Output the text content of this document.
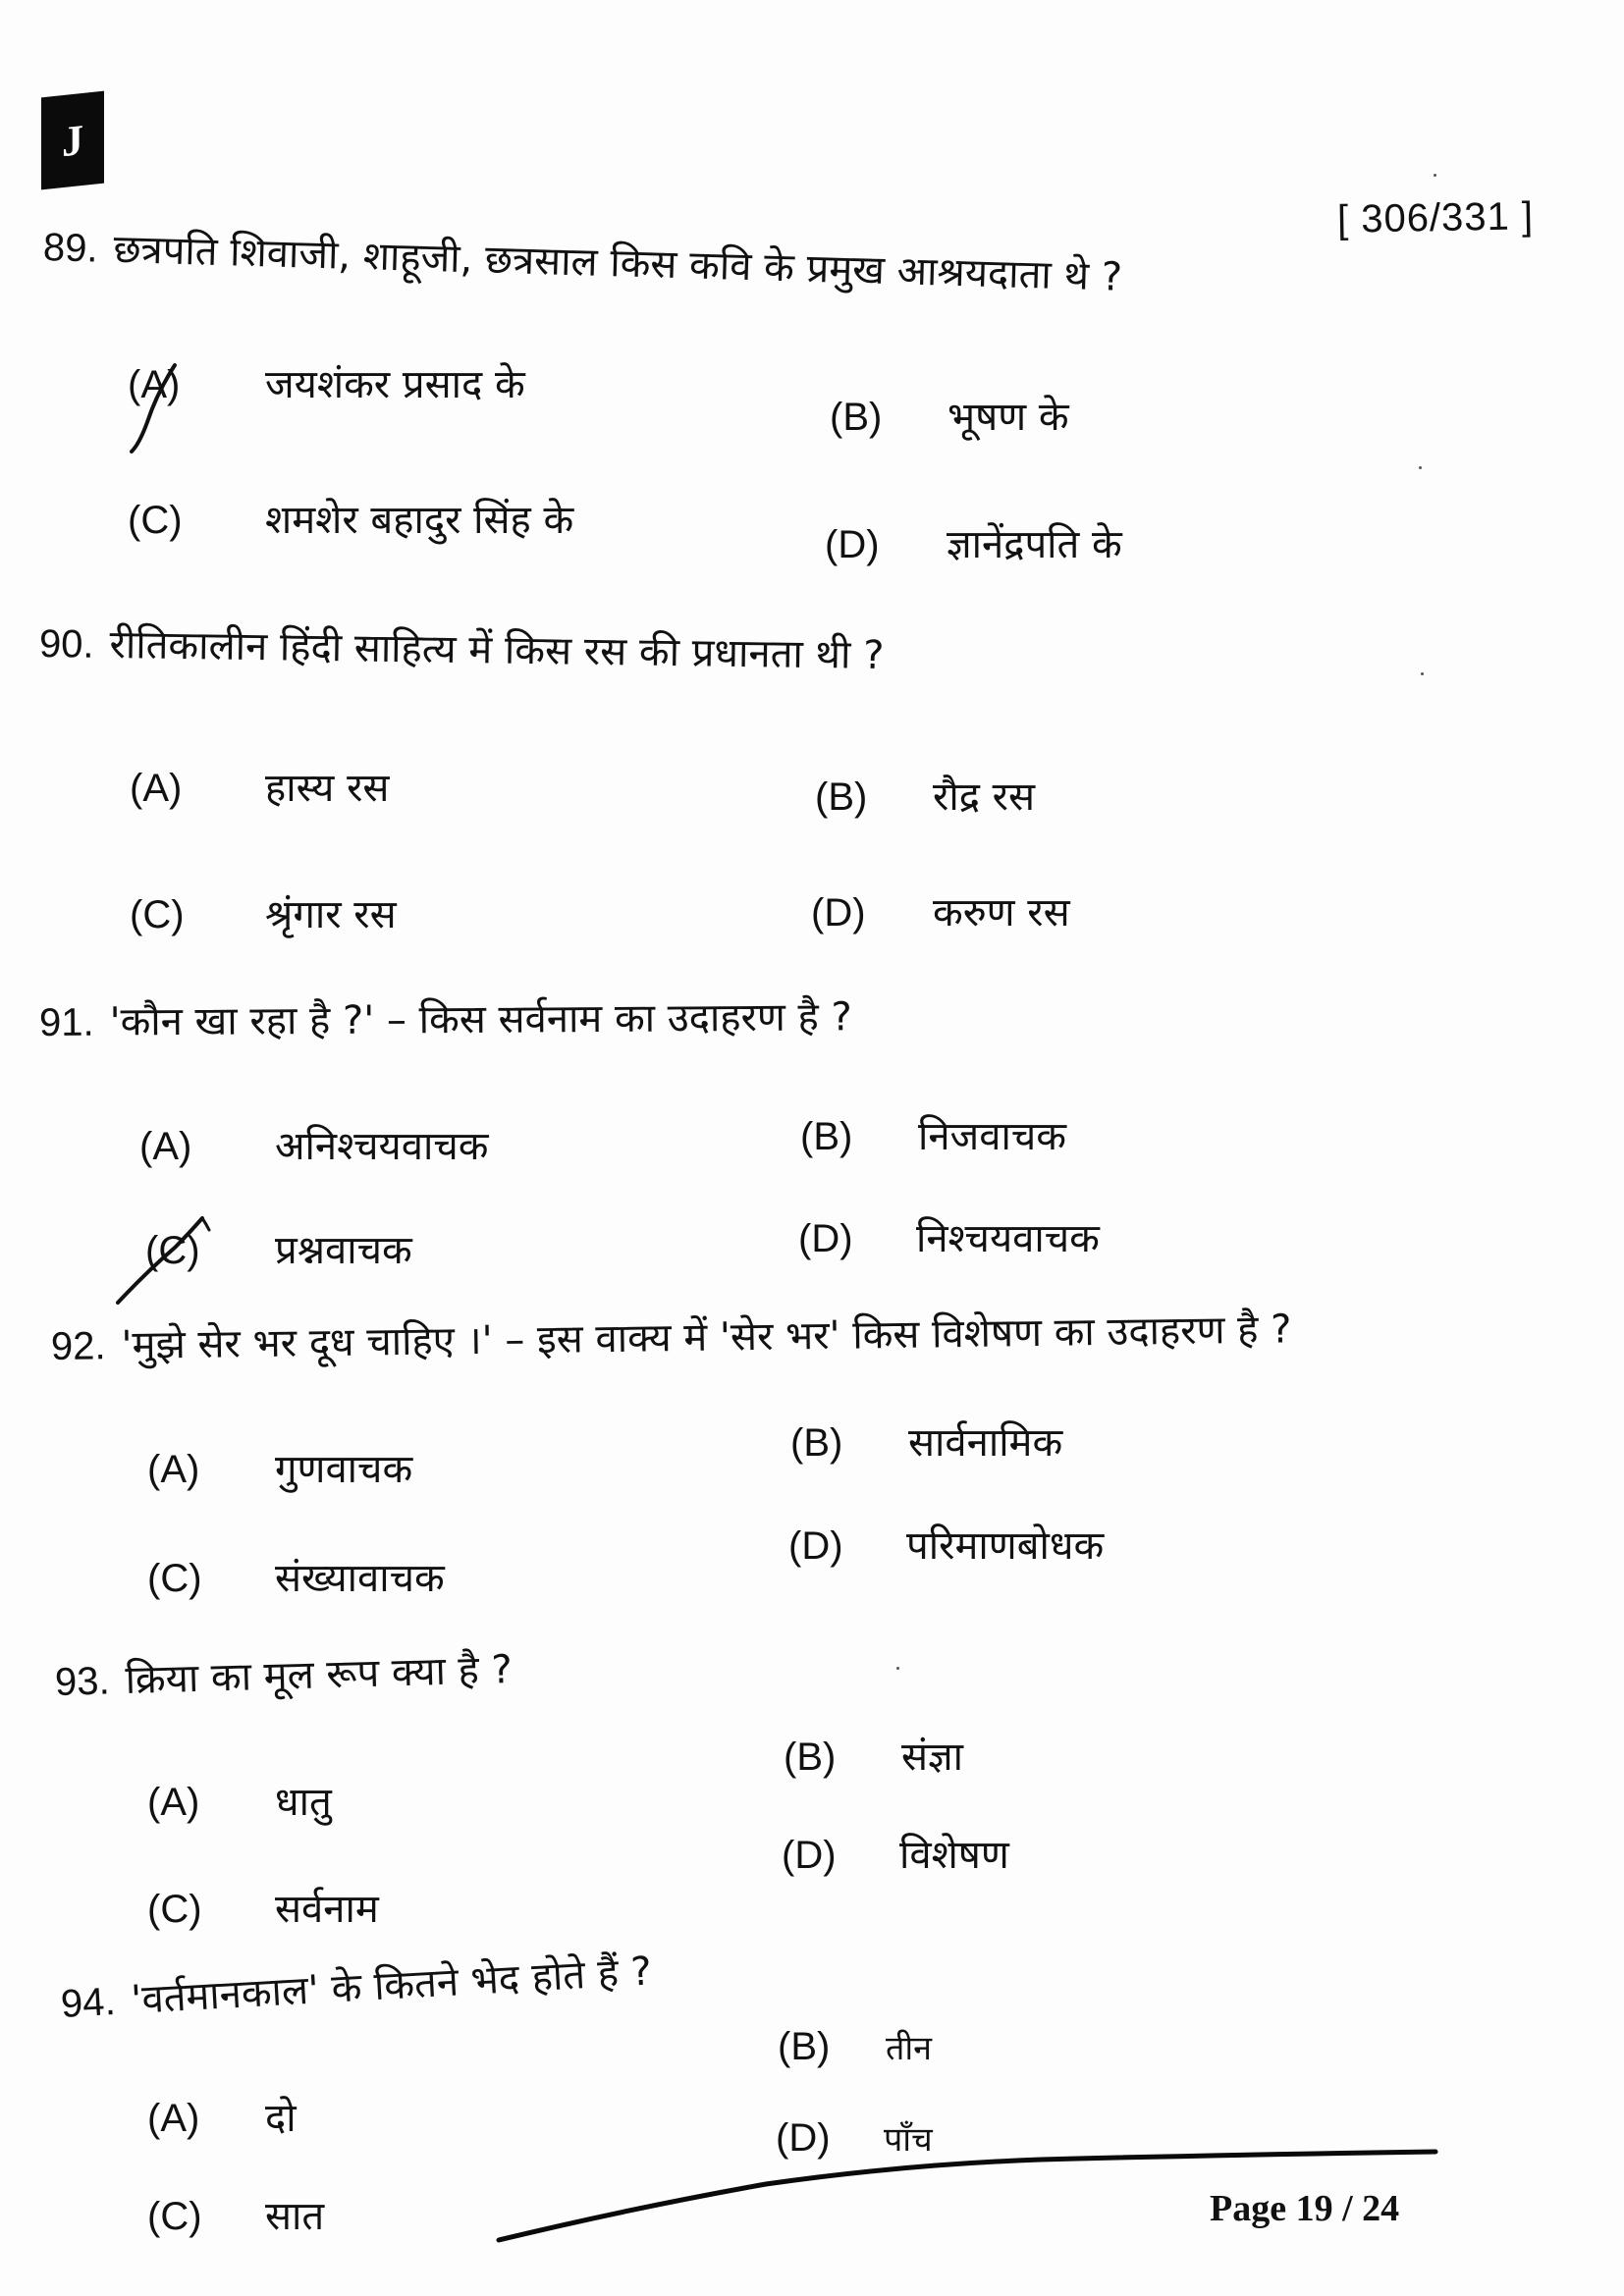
J
[ 306/331 ]
89. छत्रपति शिवाजी, शाहूजी, छत्रसाल किस कवि के प्रमुख आश्रयदाता थे ?
(A)	जयशंकर प्रसाद के
(B)	भूषण के
(C)	शमशेर बहादुर सिंह के
(D)	ज्ञानेंद्रपति के
90. रीतिकालीन हिंदी साहित्य में किस रस की प्रधानता थी ?
(A)	हास्य रस	(B)	रौद्र रस
(C)	श्रृंगार रस	(D)	करुण रस
91. 'कौन खा रहा है ?' – किस सर्वनाम का उदाहरण है ?
(A)	अनिश्चयवाचक	(B)	निजवाचक
(C)	प्रश्नवाचक	(D)	निश्चयवाचक
92. 'मुझे सेर भर दूध चाहिए ।' – इस वाक्य में 'सेर भर' किस विशेषण का उदाहरण है ?
(A)	गुणवाचक
(B)	सार्वनामिक
(C)	संख्यावाचक
(D)	परिमाणबोधक
93. क्रिया का मूल रूप क्या है ?
(A)	धातु
(B)	संज्ञा
(C)	सर्वनाम
(D)	विशेषण
94. 'वर्तमानकाल' के कितने भेद होते हैं ?
(A)	दो
(B)	तीन
(C)	सात
(D)	पाँच
Page 19 / 24
